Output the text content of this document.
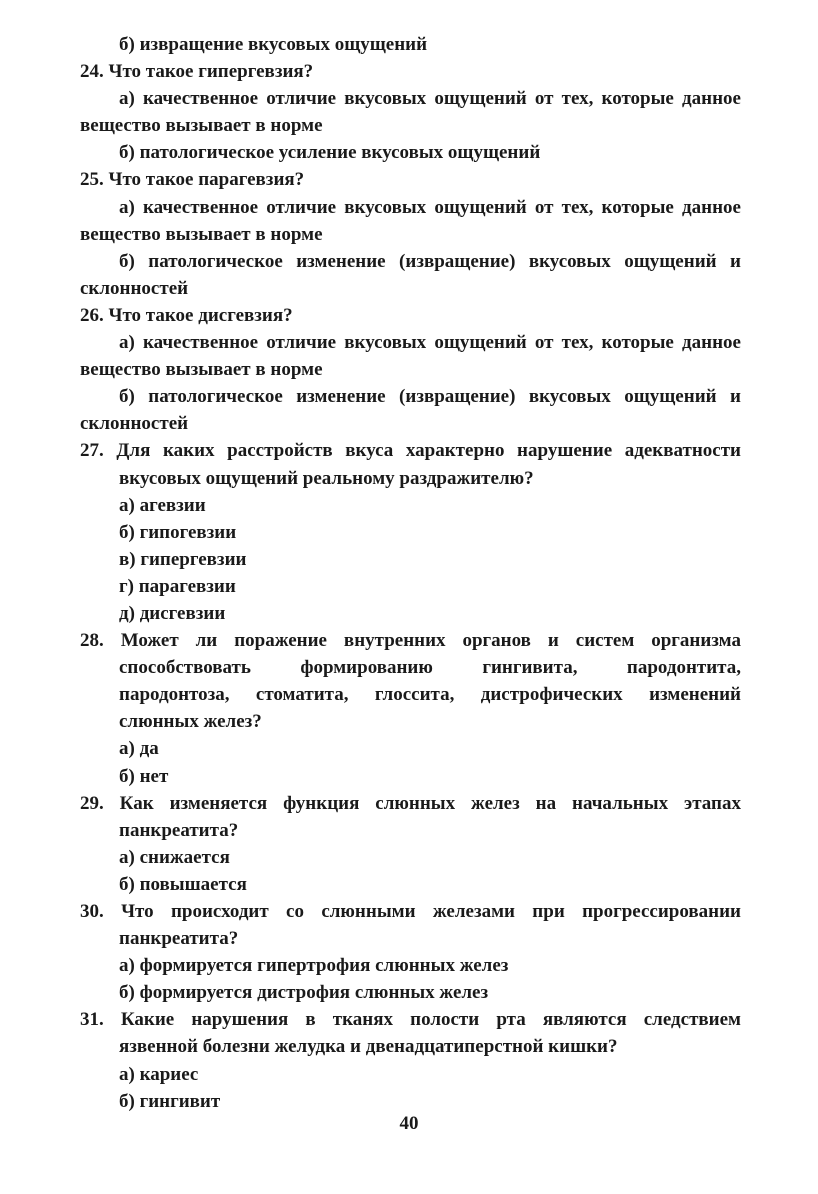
б) извращение вкусовых ощущений
24. Что такое гипергевзия?
а) качественное отличие вкусовых ощущений от тех, которые данное
вещество вызывает в норме
б) патологическое усиление вкусовых ощущений
25. Что такое парагевзия?
а) качественное отличие вкусовых ощущений от тех, которые данное
вещество вызывает в норме
б) патологическое изменение (извращение) вкусовых ощущений и
склонностей
26. Что такое дисгевзия?
а) качественное отличие вкусовых ощущений от тех, которые данное
вещество вызывает в норме
б) патологическое изменение (извращение) вкусовых ощущений и
склонностей
27. Для каких расстройств вкуса характерно нарушение адекватности
вкусовых ощущений реальному раздражителю?
а) агевзии
б) гипогевзии
в) гипергевзии
г) парагевзии
д) дисгевзии
28. Может ли поражение внутренних органов и систем организма
способствовать формированию гингивита, пародонтита,
пародонтоза, стоматита, глоссита, дистрофических изменений
слюнных желез?
а) да
б) нет
29. Как изменяется функция слюнных желез на начальных этапах
панкреатита?
а) снижается
б) повышается
30. Что происходит со слюнными железами при прогрессировании
панкреатита?
а) формируется гипертрофия слюнных желез
б) формируется дистрофия слюнных желез
31. Какие нарушения в тканях полости рта являются следствием
язвенной болезни желудка и двенадцатиперстной кишки?
а) кариес
б) гингивит
40
